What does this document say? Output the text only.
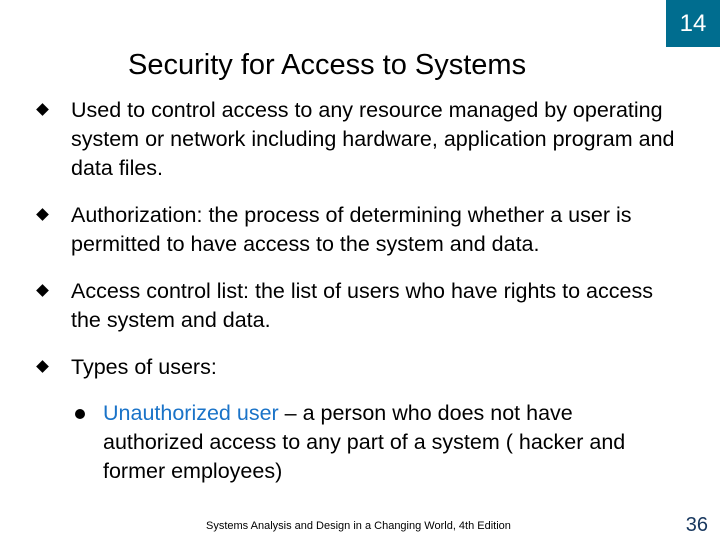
14
Security for Access to Systems
Used to control access to any resource managed by operating system or network including hardware, application program and data files.
Authorization: the process of determining whether a user is permitted to have access to the system and data.
Access control list: the list of users who have rights to access the system and data.
Types of users:
Unauthorized user – a person who does not have authorized access to any part of a system ( hacker and former employees)
Systems Analysis and Design in a Changing World, 4th Edition	36
